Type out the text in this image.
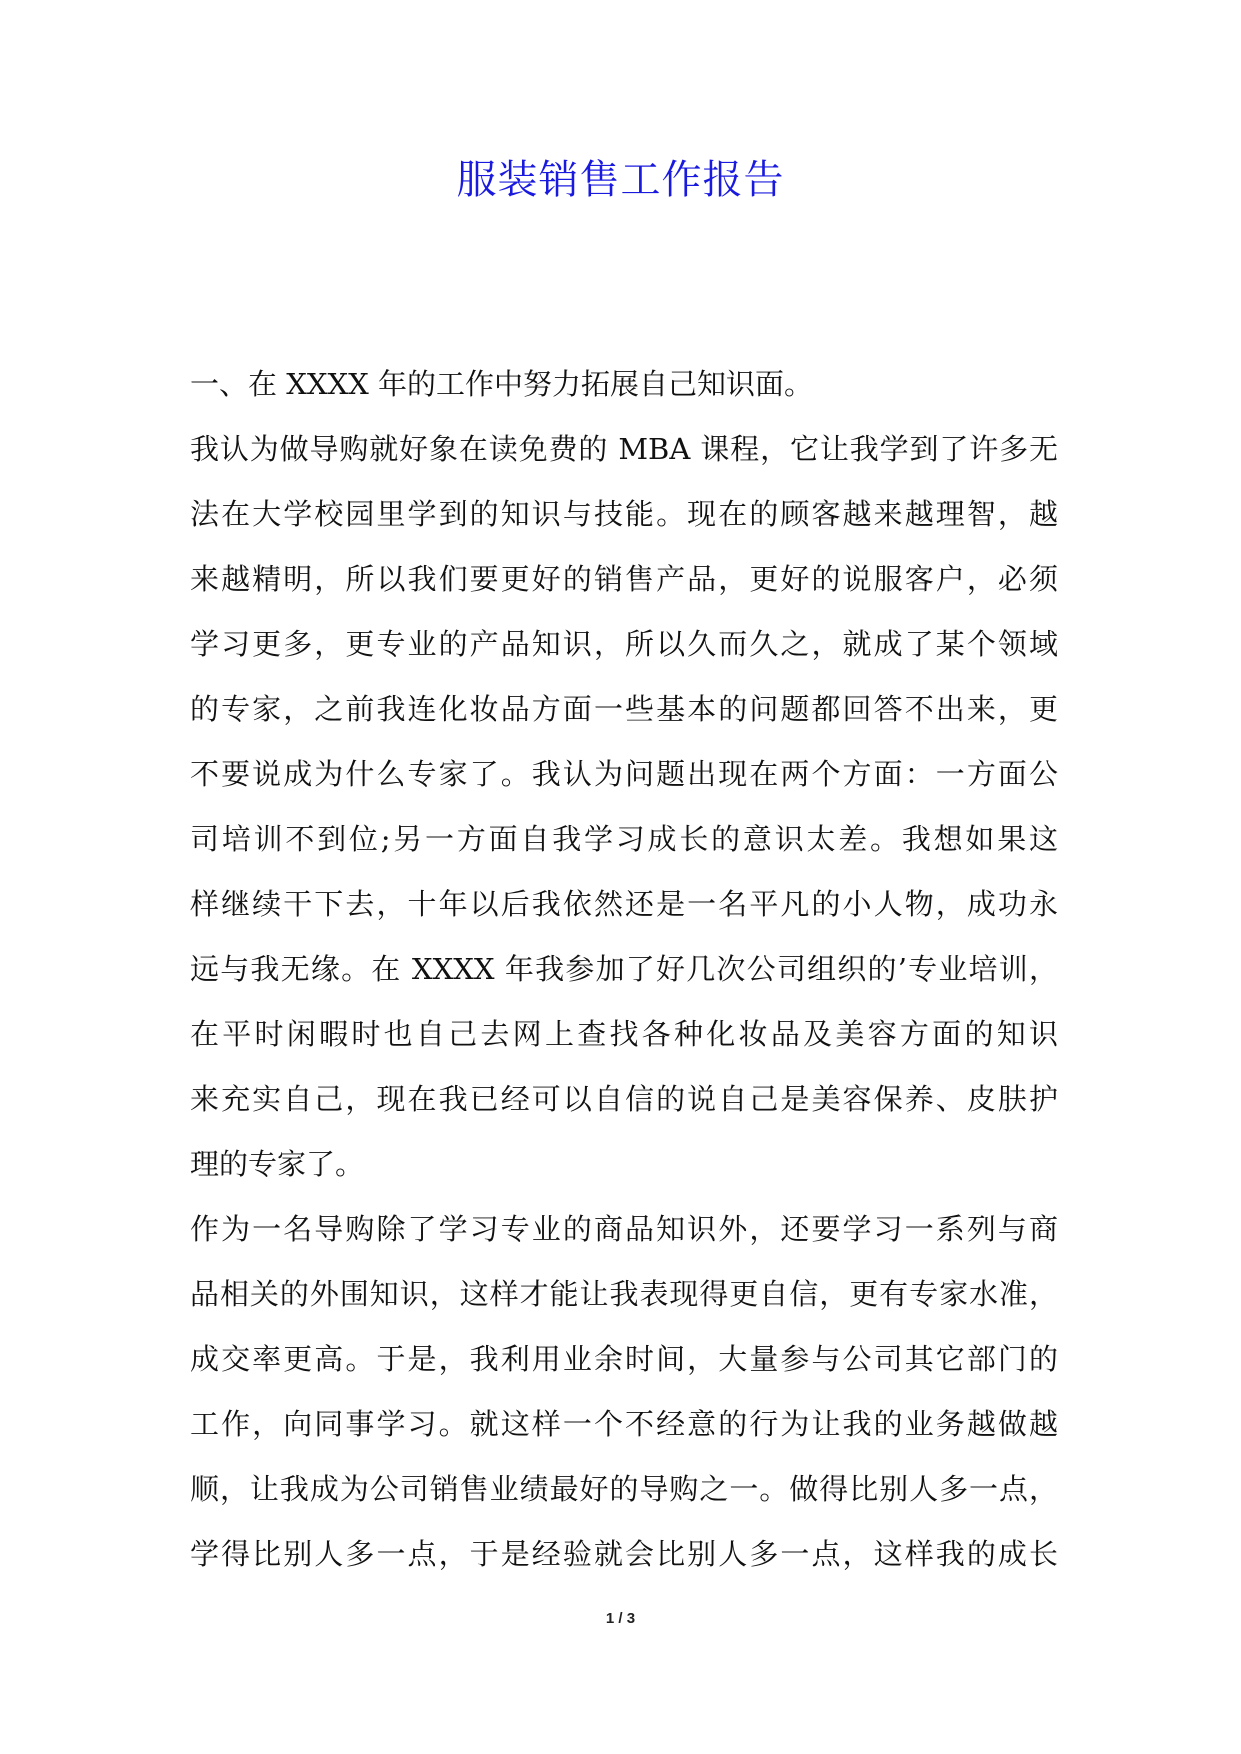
服装销售工作报告
一、在 XXXX 年的工作中努力拓展自己知识面。
我认为做导购就好象在读免费的 MBA 课程，它让我学到了许多无
法在大学校园里学到的知识与技能。现在的顾客越来越理智，越
来越精明，所以我们要更好的销售产品，更好的说服客户，必须
学习更多，更专业的产品知识，所以久而久之，就成了某个领域
的专家，之前我连化妆品方面一些基本的问题都回答不出来，更
不要说成为什么专家了。我认为问题出现在两个方面：一方面公
司培训不到位;另一方面自我学习成长的意识太差。我想如果这
样继续干下去，十年以后我依然还是一名平凡的小人物，成功永
远与我无缘。在 XXXX 年我参加了好几次公司组织的’专业培训，
在平时闲暇时也自己去网上查找各种化妆品及美容方面的知识
来充实自己，现在我已经可以自信的说自己是美容保养、皮肤护
理的专家了。
作为一名导购除了学习专业的商品知识外，还要学习一系列与商
品相关的外围知识，这样才能让我表现得更自信，更有专家水准，
成交率更高。于是，我利用业余时间，大量参与公司其它部门的
工作，向同事学习。就这样一个不经意的行为让我的业务越做越
顺，让我成为公司销售业绩最好的导购之一。做得比别人多一点，
学得比别人多一点，于是经验就会比别人多一点，这样我的成长
1 / 3
